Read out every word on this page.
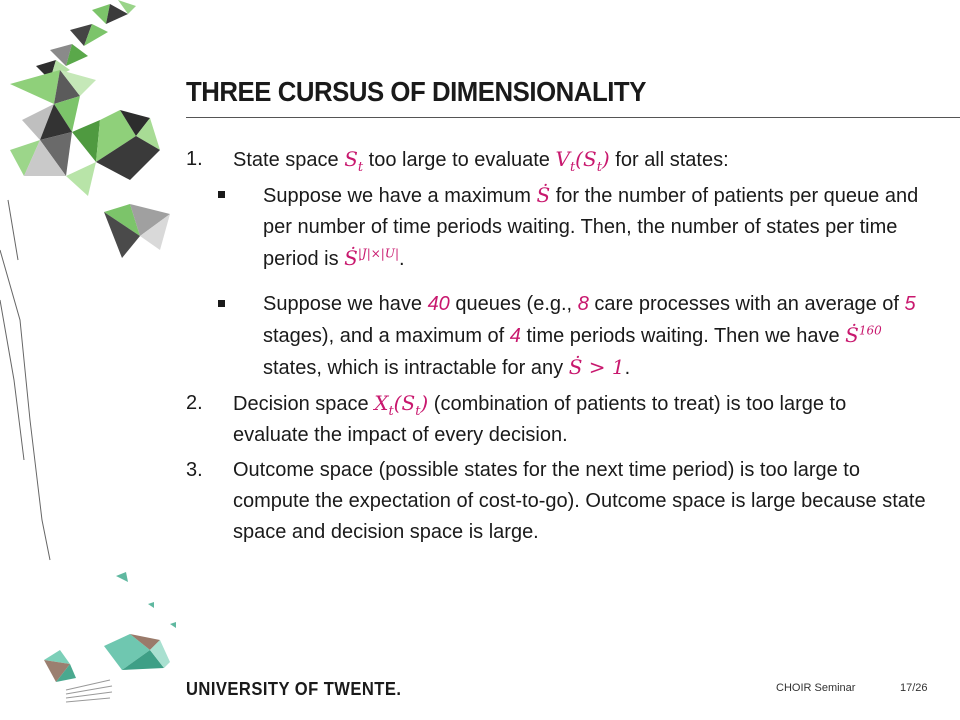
THREE CURSUS OF DIMENSIONALITY
1. State space $S_t$ too large to evaluate $V_t(S_t)$ for all states:
Suppose we have a maximum S for the number of patients per queue and per number of time periods waiting. Then, the number of states per time period is $S^{|J|\times|U|}$.
Suppose we have 40 queues (e.g., 8 care processes with an average of 5 stages), and a maximum of 4 time periods waiting. Then we have $S^{160}$ states, which is intractable for any S > 1.
2. Decision space $X_t(S_t)$ (combination of patients to treat) is too large to evaluate the impact of every decision.
3. Outcome space (possible states for the next time period) is too large to compute the expectation of cost-to-go). Outcome space is large because state space and decision space is large.
UNIVERSITY OF TWENTE.	CHOIR Seminar	17/26
